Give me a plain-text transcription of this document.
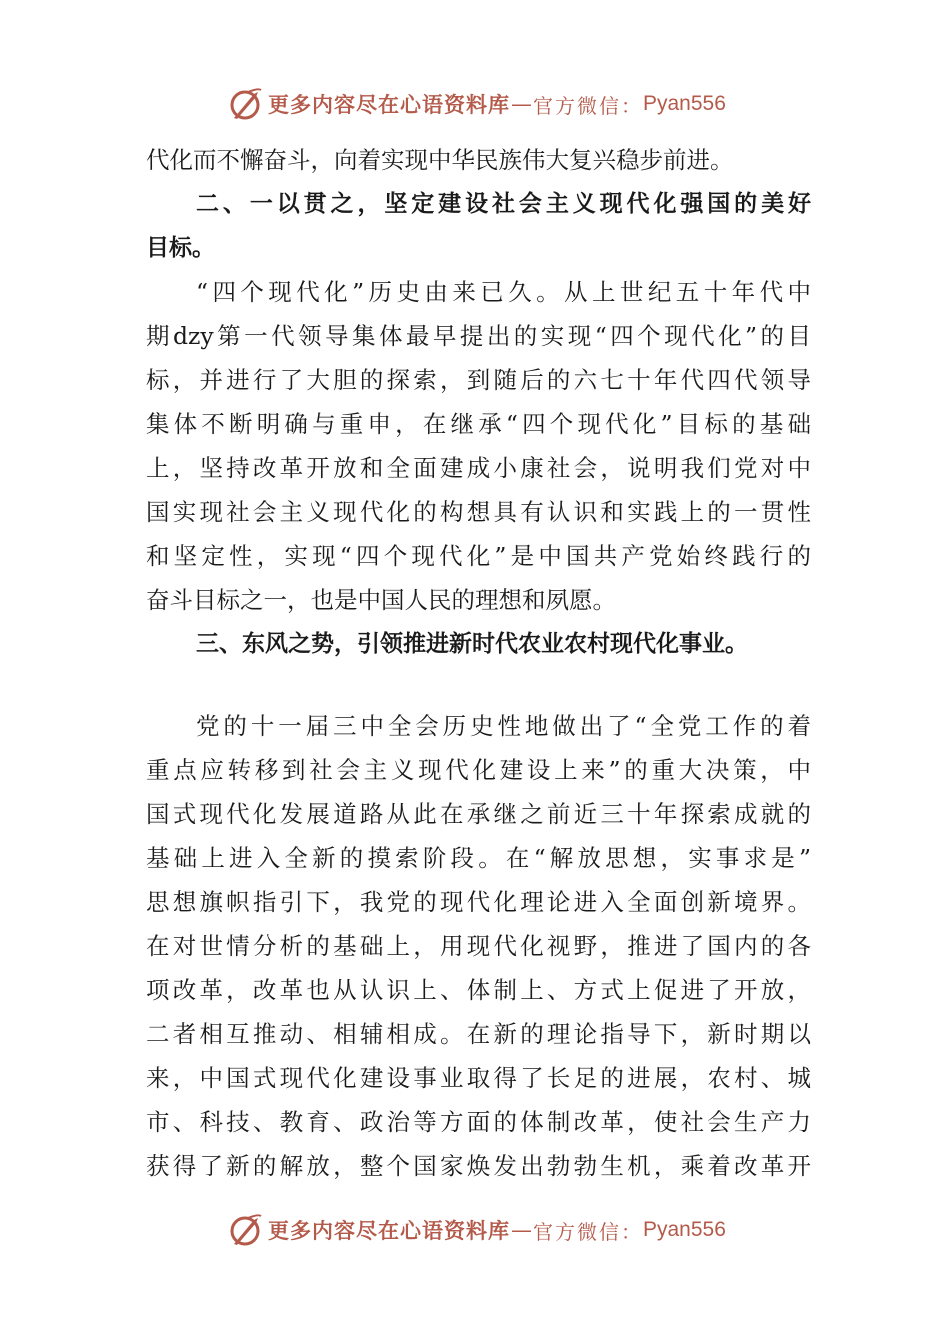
更多内容尽在心语资料库 — 官方微信： Pyan556
代化而不懈奋斗，向着实现中华民族伟大复兴稳步前进。
二、一以贯之，坚定建设社会主义现代化强国的美好
目标。
“四个现代化”历史由来已久。从上世纪五十年代中
期dzy第一代领导集体最早提出的实现“四个现代化”的目
标，并进行了大胆的探索，到随后的六七十年代四代领导
集体不断明确与重申，在继承“四个现代化”目标的基础
上，坚持改革开放和全面建成小康社会，说明我们党对中
国实现社会主义现代化的构想具有认识和实践上的一贯性
和坚定性，实现“四个现代化”是中国共产党始终践行的
奋斗目标之一，也是中国人民的理想和夙愿。
三、东风之势，引领推进新时代农业农村现代化事业。
党的十一届三中全会历史性地做出了“全党工作的着
重点应转移到社会主义现代化建设上来”的重大决策，中
国式现代化发展道路从此在承继之前近三十年探索成就的
基础上进入全新的摸索阶段。在“解放思想，实事求是”
思想旗帜指引下，我党的现代化理论进入全面创新境界。
在对世情分析的基础上，用现代化视野，推进了国内的各
项改革，改革也从认识上、体制上、方式上促进了开放，
二者相互推动、相辅相成。在新的理论指导下，新时期以
来，中国式现代化建设事业取得了长足的进展，农村、城
市、科技、教育、政治等方面的体制改革，使社会生产力
获得了新的解放，整个国家焕发出勃勃生机，乘着改革开
更多内容尽在心语资料库 — 官方微信： Pyan556
